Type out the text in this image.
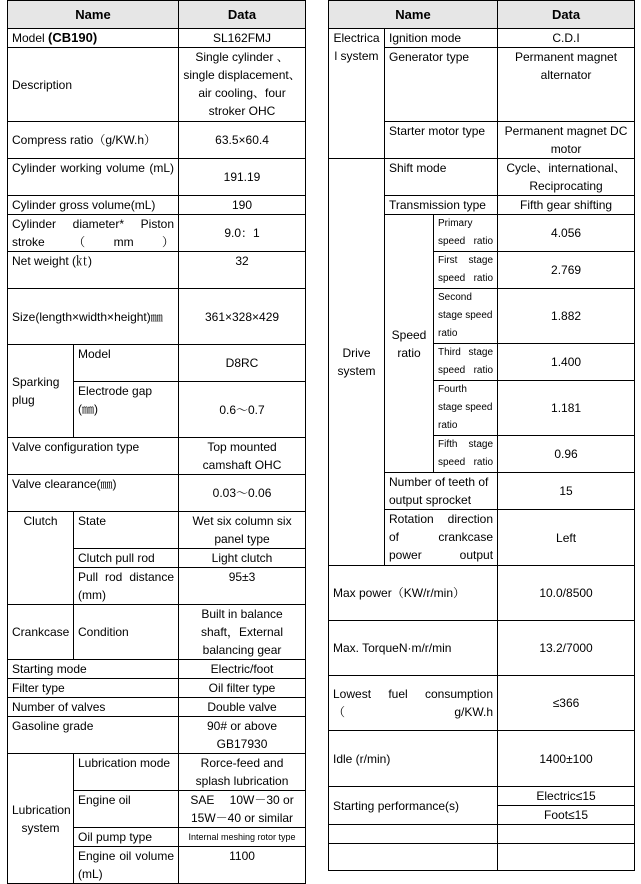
Name		Data
Model (CB190)		SL162FMJ
Description		Single cylinder 、single displacement、air cooling、four stroker OHC
Compress ratio（g/KW.h）		63.5×60.4
Cylinder working volume (mL)		191.19
Cylinder gross volume(mL)		190
Cylinder diameter* Piston stroke（mm）		9.0：1
Net weight (㏏)		32
Size(length×width×height)㎜		361×328×429
Sparking plug	Model	D8RC
	Electrode gap (㎜)	0.6～0.7
Valve configuration type		Top mounted camshaft OHC
Valve clearance(㎜)		0.03～0.06
Clutch	State	Wet six column six panel type
	Clutch pull rod	Light clutch
	Pull rod distance (mm)	95±3
Crankcase	Condition	Built in balance shaft，External balancing gear
Starting mode		Electric/foot
Filter type		Oil filter type
Number of valves		Double valve
Gasoline grade		90# or above GB17930
Lubrication system	Lubrication mode	Rorce-feed and splash lubrication
	Engine oil	SAE　 10W－30 or 15W－40 or similar
	Oil pump type	Internal meshing rotor type
	Engine oil volume (mL)	1100
Name			Data
Electrical system	Ignition mode		C.D.I
	Generator type		Permanent magnet alternator
	Starter motor type		Permanent magnet DC motor
Drive system	Shift mode		Cycle、international、Reciprocating
	Transmission type		Fifth gear shifting
	Speed ratio	Primary speed ratio	4.056
		First stage speed ratio	2.769
		Second stage speed ratio	1.882
		Third stage speed ratio	1.400
		Fourth stage speed ratio	1.181
		Fifth stage speed ratio	0.96
	Number of teeth of output sprocket		15
	Rotation direction of crankcase power output		Left
Max power（KW/r/min）			10.0/8500
Max. TorqueN·m/r/min			13.2/7000
Lowest fuel consumption （g/KW.h			≤366
Idle (r/min)			1400±100
Starting performance(s)			Electric≤15
			Foot≤15
